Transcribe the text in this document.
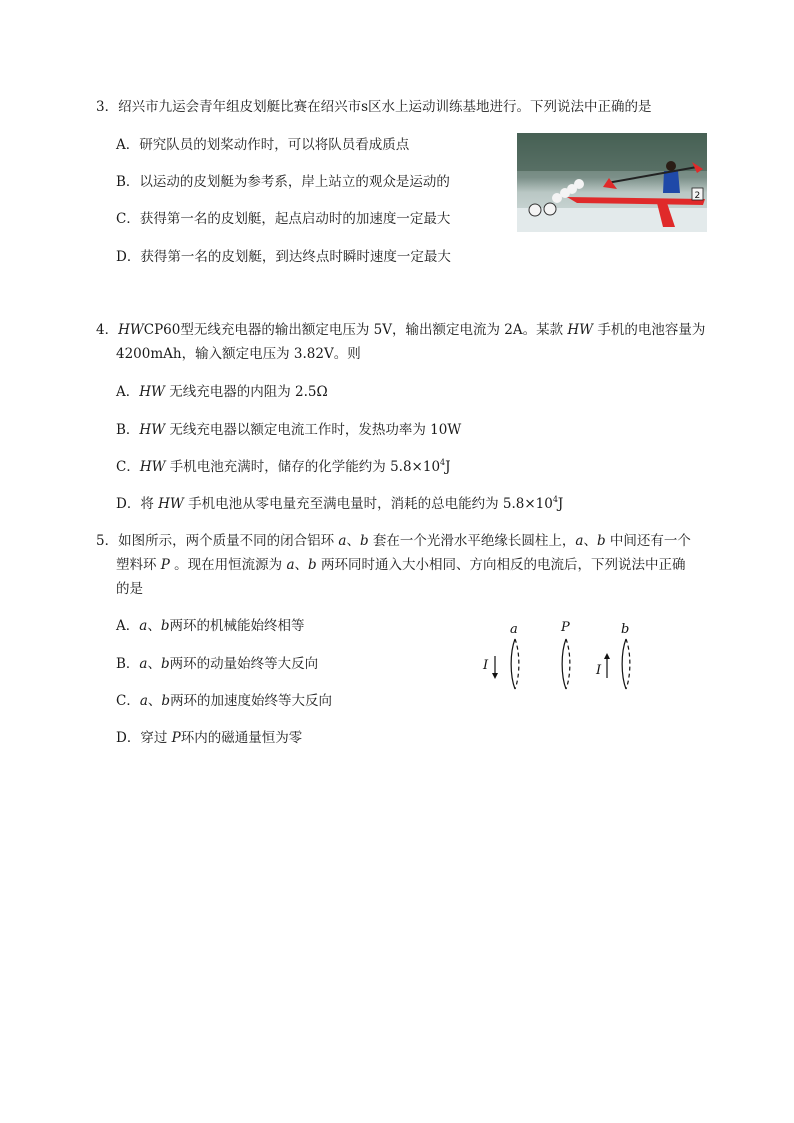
3．绍兴市九运会青年组皮划艇比赛在绍兴市s区水上运动训练基地进行。下列说法中正确的是
A．研究队员的划桨动作时，可以将队员看成质点
B．以运动的皮划艇为参考系，岸上站立的观众是运动的
C．获得第一名的皮划艇，起点启动时的加速度一定最大
D．获得第一名的皮划艇，到达终点时瞬时速度一定最大
2
4．HWCP60型无线充电器的输出额定电压为 5V，输出额定电流为 2A。某款 HW 手机的电池容量为
4200mAh，输入额定电压为 3.82V。则
A．HW 无线充电器的内阻为 2.5Ω
B．HW 无线充电器以额定电流工作时，发热功率为 10W
C．HW 手机电池充满时，储存的化学能约为 $5.8\times 10^4J$
D．将 HW 手机电池从零电量充至满电量时，消耗的总电能约为 $5.8\times 10^4J$
5．如图所示，两个质量不同的闭合铝环 a、b 套在一个光滑水平绝缘长圆柱上，a、b 中间还有一个
塑料环 P 。现在用恒流源为 a、b 两环同时通入大小相同、方向相反的电流后，下列说法中正确
的是
A．a、b两环的机械能始终相等
B．a、b两环的动量始终等大反向
C．a、b两环的加速度始终等大反向
D．穿过 P环内的磁通量恒为零
a	P	b
I	I
